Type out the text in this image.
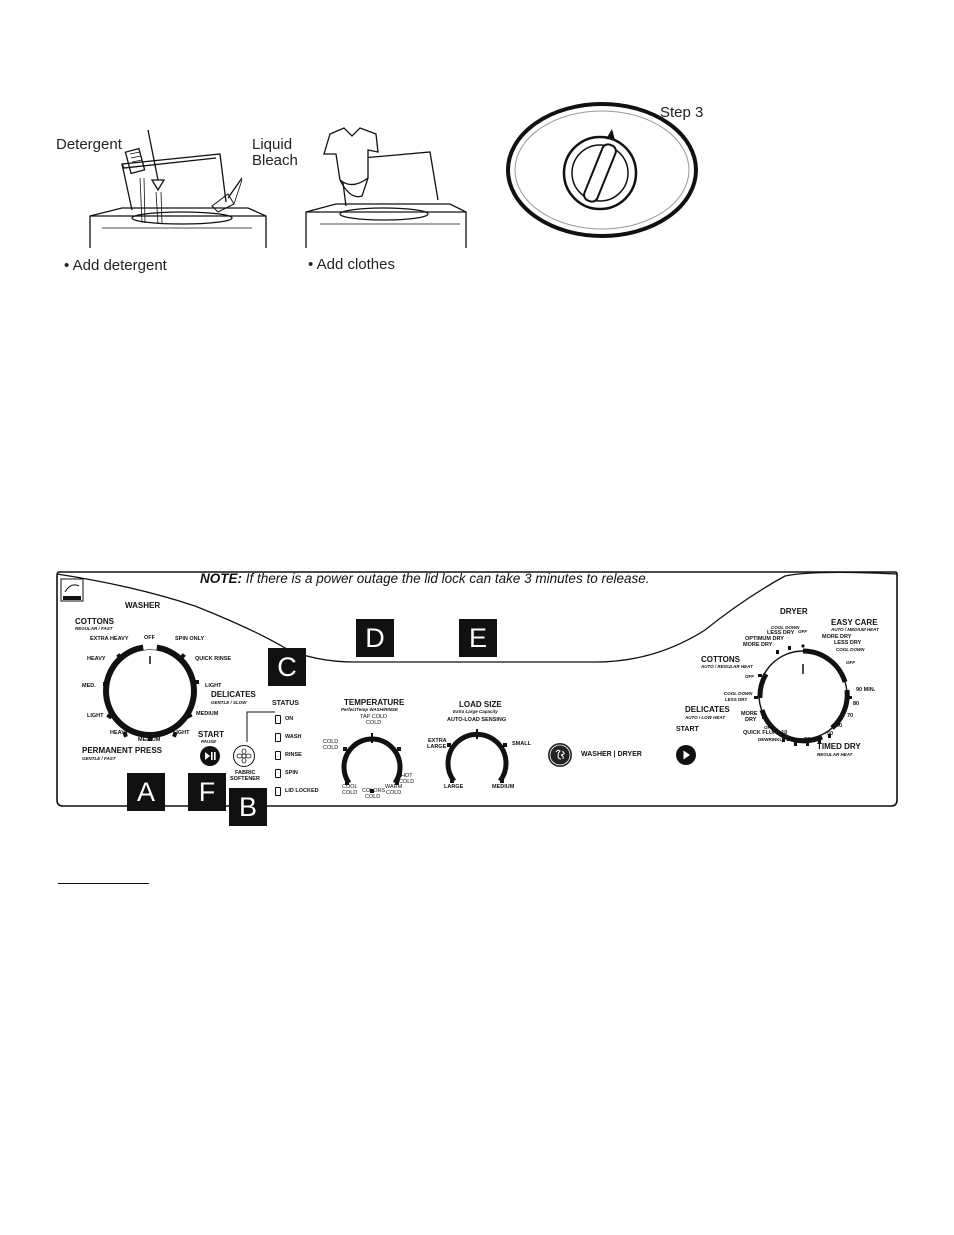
Detergent	Liquid
Bleach
• Add detergent	• Add clothes
Step 3
NOTE: If there is a power outage the lid lock can take 3 minutes to release.
WASHER
COTTONS
REGULAR / FAST
EXTRA HEAVY	OFF	SPIN ONLY
HEAVY	QUICK RINSE
MED.	LIGHT
DELICATES
GENTLE / SLOW
LIGHT	MEDIUM
HEAVY	LIGHT
MEDIUM
PERMANENT PRESS
GENTLE / FAST
START
PAUSE
FABRIC
SOFTENER
STATUS
ON
WASH
RINSE
SPIN
LID LOCKED
TEMPERATURE
PerfectTemp WASH/RINSE
TAP COLD
COLD
COLD
COLD
HOT
COLD
COOL
COLD COLORS
COLD
WARM
COLD
LOAD SIZE
Extra Large Capacity
AUTO-LOAD SENSING
EXTRA
LARGE	SMALL
LARGE	MEDIUM
WASHER | DRYER
DRYER
EASY CARE
AUTO / MEDIUM HEAT
COOL DOWN
LESS DRY OFF
OPTIMUM DRY
MORE DRY
MORE DRY
LESS DRY
COOL DOWN
OFF
COTTONS
AUTO / REGULAR HEAT
OFF
90 MIN.
80
COOL DOWN
LESS DRY
70
DELICATES
AUTO / LOW HEAT
MORE
DRY
60
OFF
50
START	QUICK FLUFF 10
DEWRINKLE 20 30 40
TIMED DRY
REGULAR HEAT
A	F B
C
D	E
